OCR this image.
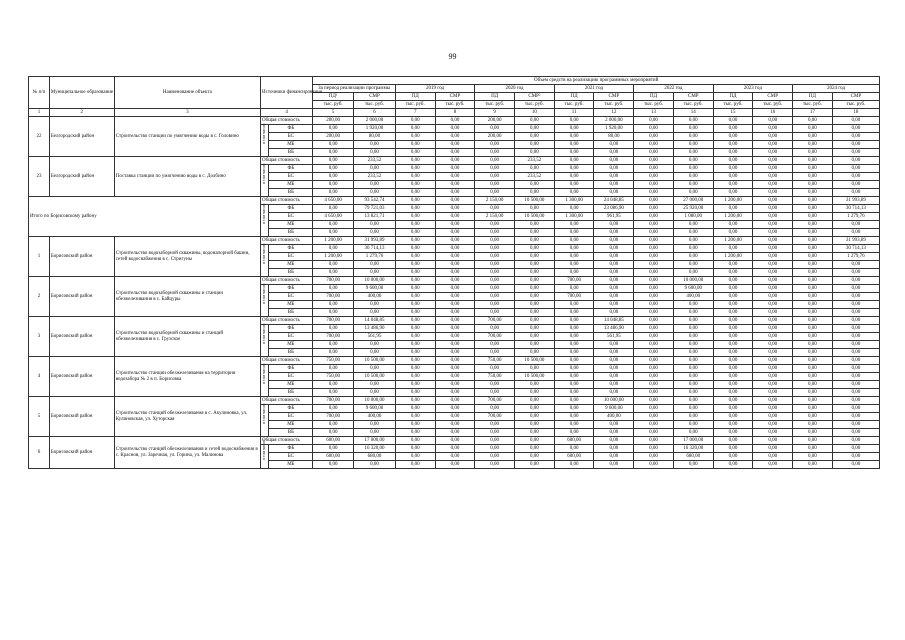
99
№ п/п	Муниципальное образование	Наименование объекта	Источники финансирования		Объем средств на реализацию программных мероприятий													
					За период реализации программы		2019 год		2020 год		2021 год		2022 год		2023 год		2024 год	
					ПД¹	СМР	ПД	СМР	ПД	СМР²	ПД	СМР	ПД	СМР	ПД	СМР	ПД	СМР
					тыс. руб.	тыс. руб.	тыс. руб.	тыс. руб.	тыс. руб.	тыс. руб.	тыс. руб.	тыс. руб.	тыс. руб.	тыс. руб.	тыс. руб.	тыс. руб.	тыс. руб.	тыс. руб.
1	2	3	4		5	6	7	8	9	10	11	12	13	14	15	16	17	18
22	Белгородский район	Строительство станции по умягчению воды в с. Головино	Общая стоимость		200,00	2 000,00	0,00	0,00	200,00	0,00	0,00	2 000,00	0,00	0,00	0,00	0,00	0,00	0,00

			в том числе:	ФБ	0,00	1 920,00	0,00	0,00	0,00	0,00	0,00	1 920,00	0,00	0,00	0,00	0,00	0,00	0,00
				БС	200,00	80,00	0,00	0,00	200,00	0,00	0,00	80,00	0,00	0,00	0,00	0,00	0,00	0,00
				МБ	0,00	0,00	0,00	0,00	0,00	0,00	0,00	0,00	0,00	0,00	0,00	0,00	0,00	0,00
				ВБ	0,00	0,00	0,00	0,00	0,00	0,00	0,00	0,00	0,00	0,00	0,00	0,00	0,00	0,00
23	Белгородский район	Поставка станции по умягчению воды в с. Долбино	Общая стоимость		0,00	233,52	0,00	0,00	0,00	233,52	0,00	0,00	0,00	0,00	0,00	0,00	0,00	0,00

			в том числе:	ФБ	0,00	0,00	0,00	0,00	0,00	0,00	0,00	0,00	0,00	0,00	0,00	0,00	0,00	0,00
				БС	0,00	233,52	0,00	0,00	0,00	233,52	0,00	0,00	0,00	0,00	0,00	0,00	0,00	0,00
				МБ	0,00	0,00	0,00	0,00	0,00	0,00	0,00	0,00	0,00	0,00	0,00	0,00	0,00	0,00
				ВБ	0,00	0,00	0,00	0,00	0,00	0,00	0,00	0,00	0,00	0,00	0,00	0,00	0,00	0,00
Итого по Борисовскому району			Общая стоимость		4 650,00	93 542,74	0,00	0,00	2 150,00	10 500,00	1 300,00	24 048,85	0,00	27 000,00	1 200,00	0,00	0,00	31 993,89

			в том числе:	ФБ	0,00	79 721,03	0,00	0,00	0,00	0,00	0,00	23 086,90	0,00	25 920,00	0,00	0,00	0,00	30 714,13
				БС	4 650,00	13 821,71	0,00	0,00	2 150,00	10 500,00	1 300,00	961,95	0,00	1 080,00	1 200,00	0,00	0,00	1 279,76
				МБ	0,00	0,00	0,00	0,00	0,00	0,00	0,00	0,00	0,00	0,00	0,00	0,00	0,00	0,00
				ВБ	0,00	0,00	0,00	0,00	0,00	0,00	0,00	0,00	0,00	0,00	0,00	0,00	0,00	0,00
1	Борисовский район	Строительство водозаборной скважины, водонапорной башни, сетей водоснабжения в с. Стригуны	Общая стоимость		1 200,00	31 993,89	0,00	0,00	0,00	0,00	0,00	0,00	0,00	0,00	1 200,00	0,00	0,00	31 993,89

			в том числе:	ФБ	0,00	30 714,13	0,00	0,00	0,00	0,00	0,00	0,00	0,00	0,00	0,00	0,00	0,00	30 714,13
				БС	1 200,00	1 279,76	0,00	0,00	0,00	0,00	0,00	0,00	0,00	0,00	1 200,00	0,00	0,00	1 279,76
				МБ	0,00	0,00	0,00	0,00	0,00	0,00	0,00	0,00	0,00	0,00	0,00	0,00	0,00	0,00
				ВБ	0,00	0,00	0,00	0,00	0,00	0,00	0,00	0,00	0,00	0,00	0,00	0,00	0,00	0,00
2	Борисовский район	Строительство водозаборной скважины и станции обезжелезивания в с. Байцуры	Общая стоимость		700,00	10 000,00	0,00	0,00	0,00	0,00	700,00	0,00	0,00	10 000,00	0,00	0,00	0,00	0,00

			в том числе:	ФБ	0,00	9 600,00	0,00	0,00	0,00	0,00	0,00	0,00	0,00	9 600,00	0,00	0,00	0,00	0,00
				БС	700,00	400,00	0,00	0,00	0,00	0,00	700,00	0,00	0,00	400,00	0,00	0,00	0,00	0,00
				МБ	0,00	0,00	0,00	0,00	0,00	0,00	0,00	0,00	0,00	0,00	0,00	0,00	0,00	0,00
				ВБ	0,00	0,00	0,00	0,00	0,00	0,00	0,00	0,00	0,00	0,00	0,00	0,00	0,00	0,00
3	Борисовский район	Строительство водозаборной скважины и станций обезжелезивания в с. Грузское	Общая стоимость		700,00	14 048,85	0,00	0,00	700,00	0,00	0,00	14 048,85	0,00	0,00	0,00	0,00	0,00	0,00

			в том числе:	ФБ	0,00	13 486,90	0,00	0,00	0,00	0,00	0,00	13 486,90	0,00	0,00	0,00	0,00	0,00	0,00
				БС	700,00	561,95	0,00	0,00	700,00	0,00	0,00	561,95	0,00	0,00	0,00	0,00	0,00	0,00
				МБ	0,00	0,00	0,00	0,00	0,00	0,00	0,00	0,00	0,00	0,00	0,00	0,00	0,00	0,00
				ВБ	0,00	0,00	0,00	0,00	0,00	0,00	0,00	0,00	0,00	0,00	0,00	0,00	0,00	0,00
4	Борисовский район	Строительство станции обезжелезивания на территории водозабора № 2 в п. Борисовка	Общая стоимость		750,00	10 500,00	0,00	0,00	750,00	10 500,00	0,00	0,00	0,00	0,00	0,00	0,00	0,00	0,00

			в том числе:	ФБ	0,00	0,00	0,00	0,00	0,00	0,00	0,00	0,00	0,00	0,00	0,00	0,00	0,00	0,00
				БС	750,00	10 500,00	0,00	0,00	750,00	10 500,00	0,00	0,00	0,00	0,00	0,00	0,00	0,00	0,00
				МБ	0,00	0,00	0,00	0,00	0,00	0,00	0,00	0,00	0,00	0,00	0,00	0,00	0,00	0,00
				ВБ	0,00	0,00	0,00	0,00	0,00	0,00	0,00	0,00	0,00	0,00	0,00	0,00	0,00	0,00
5	Борисовский район	Строительство станций обезжелезивания в с. Акулиновка, ул. Кулиновская, ул. Хуторская	Общая стоимость		700,00	10 000,00	0,00	0,00	700,00	0,00	0,00	10 000,00	0,00	0,00	0,00	0,00	0,00	0,00

			в том числе:	ФБ	0,00	9 600,00	0,00	0,00	0,00	0,00	0,00	9 600,00	0,00	0,00	0,00	0,00	0,00	0,00
				БС	700,00	400,00	0,00	0,00	700,00	0,00	0,00	400,00	0,00	0,00	0,00	0,00	0,00	0,00
				МБ	0,00	0,00	0,00	0,00	0,00	0,00	0,00	0,00	0,00	0,00	0,00	0,00	0,00	0,00
				ВБ	0,00	0,00	0,00	0,00	0,00	0,00	0,00	0,00	0,00	0,00	0,00	0,00	0,00	0,00
6	Борисовский район	Строительство станций обезжелезивания и сетей водоснабжения в с. Краснов, ул. Заречная, ул. Горина, ул. Малинова	Общая стоимость		600,00	17 000,00	0,00	0,00	0,00	0,00	600,00	0,00	0,00	17 000,00	0,00	0,00	0,00	0,00

			в том числе:	ФБ	0,00	16 320,00	0,00	0,00	0,00	0,00	0,00	0,00	0,00	16 320,00	0,00	0,00	0,00	0,00
				БС	600,00	680,00	0,00	0,00	0,00	0,00	600,00	0,00	0,00	680,00	0,00	0,00	0,00	0,00
				МБ	0,00	0,00	0,00	0,00	0,00	0,00	0,00	0,00	0,00	0,00	0,00	0,00	0,00	0,00
